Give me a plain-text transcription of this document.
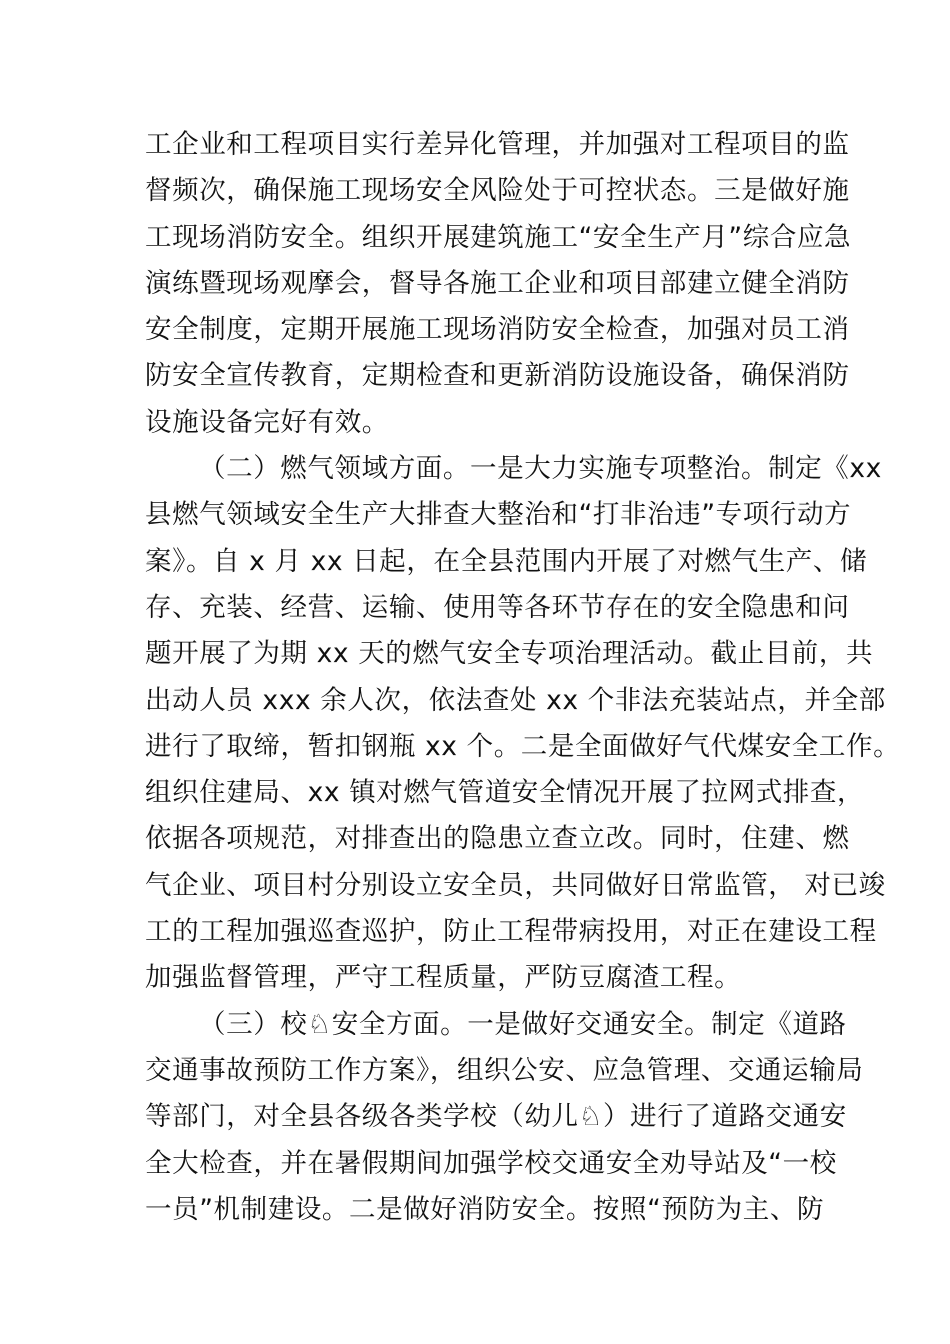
工企业和工程项目实行差异化管理，并加强对工程项目的监
督频次，确保施工现场安全风险处于可控状态。三是做好施
工现场消防安全。组织开展建筑施工“安全生产月”综合应急
演练暨现场观摩会，督导各施工企业和项目部建立健全消防
安全制度，定期开展施工现场消防安全检查，加强对员工消
防安全宣传教育，定期检查和更新消防设施设备，确保消防
设施设备完好有效。
（二）燃气领域方面。一是大力实施专项整治。制定《xx
县燃气领域安全生产大排查大整治和“打非治违”专项行动方
案》。自 x 月 xx 日起，在全县范围内开展了对燃气生产、储
存、充装、经营、运输、使用等各环节存在的安全隐患和问
题开展了为期 xx 天的燃气安全专项治理活动。截止目前，共
出动人员 xxx 余人次，依法查处 xx 个非法充装站点，并全部
进行了取缔，暂扣钢瓶 xx 个。二是全面做好气代煤安全工作。
组织住建局、xx 镇对燃气管道安全情况开展了拉网式排查，
依据各项规范，对排查出的隐患立查立改。同时，住建、燃
气企业、项目村分别设立安全员，共同做好日常监管， 对已竣
工的工程加强巡查巡护，防止工程带病投用，对正在建设工程
加强监督管理，严守工程质量，严防豆腐渣工程。
（三）校♘安全方面。一是做好交通安全。制定《道路
交通事故预防工作方案》，组织公安、应急管理、交通运输局
等部门，对全县各级各类学校（幼儿♘）进行了道路交通安
全大检查，并在暑假期间加强学校交通安全劝导站及“一校
一员”机制建设。二是做好消防安全。按照“预防为主、防
